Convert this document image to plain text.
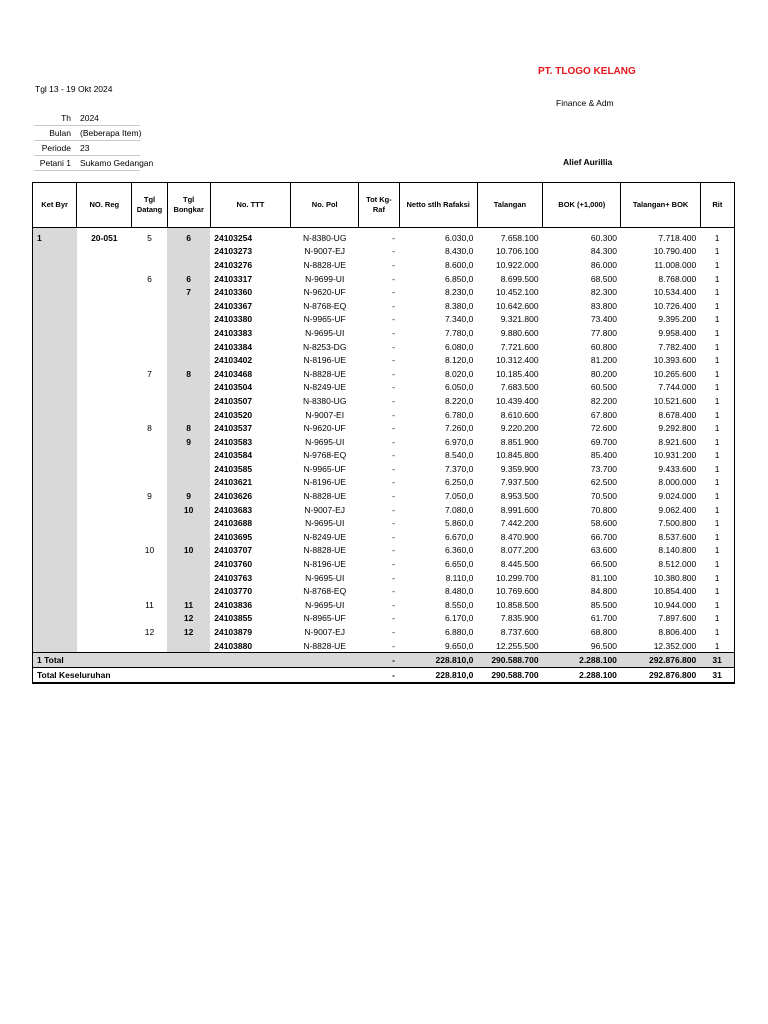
PT. TLOGO KELANG
Tgl 13 - 19 Okt 2024
Finance & Adm
Th	2024
Bulan	(Beberapa Item)
Periode	23
Petani 1	Sukamo Gedangan	Alief Aurillia
Ket Byr	NO. Reg	Tgl Datang	Tgl Bongkar	No. TTT	No. Pol	Tot Kg-Raf	Netto stlh Rafaksi	Talangan	BOK (+1,000)	Talangan+ BOK	Rit
1	20-051	5	6	24103254	N-8380-UG	-	6.030,0	7.658.100	60.300	7.718.400	1
				24103273	N-9007-EJ	-	8.430,0	10.706.100	84.300	10.790.400	1
				24103276	N-8828-UE	-	8.600,0	10.922.000	86.000	11.008.000	1
		6	6	24103317	N-9699-UI	-	6.850,0	8.699.500	68.500	8.768.000	1
			7	24103360	N-9620-UF	-	8.230,0	10.452.100	82.300	10.534.400	1
				24103367	N-8768-EQ	-	8.380,0	10.642.600	83.800	10.726.400	1
				24103380	N-9965-UF	-	7.340,0	9.321.800	73.400	9.395.200	1
				24103383	N-9695-UI	-	7.780,0	9.880.600	77.800	9.958.400	1
				24103384	N-8253-DG	-	6.080,0	7.721.600	60.800	7.782.400	1
				24103402	N-8196-UE	-	8.120,0	10.312.400	81.200	10.393.600	1
		7	8	24103468	N-8828-UE	-	8.020,0	10.185.400	80.200	10.265.600	1
				24103504	N-8249-UE	-	6.050,0	7.683.500	60.500	7.744.000	1
				24103507	N-8380-UG	-	8.220,0	10.439.400	82.200	10.521.600	1
				24103520	N-9007-EI	-	6.780,0	8.610.600	67.800	8.678.400	1
		8	8	24103537	N-9620-UF	-	7.260,0	9.220.200	72.600	9.292.800	1
			9	24103583	N-9695-UI	-	6.970,0	8.851.900	69.700	8.921.600	1
				24103584	N-9768-EQ	-	8.540,0	10.845.800	85.400	10.931.200	1
				24103585	N-9965-UF	-	7.370,0	9.359.900	73.700	9.433.600	1
				24103621	N-8196-UE	-	6.250,0	7.937.500	62.500	8.000.000	1
		9	9	24103626	N-8828-UE	-	7.050,0	8.953.500	70.500	9.024.000	1
			10	24103683	N-9007-EJ	-	7.080,0	8.991.600	70.800	9.062.400	1
				24103688	N-9695-UI	-	5.860,0	7.442.200	58.600	7.500.800	1
				24103695	N-8249-UE	-	6.670,0	8.470.900	66.700	8.537.600	1
		10	10	24103707	N-8828-UE	-	6.360,0	8.077.200	63.600	8.140.800	1
				24103760	N-8196-UE	-	6.650,0	8.445.500	66.500	8.512.000	1
				24103763	N-9695-UI	-	8.110,0	10.299.700	81.100	10.380.800	1
				24103770	N-8768-EQ	-	8.480,0	10.769.600	84.800	10.854.400	1
		11	11	24103836	N-9695-UI	-	8.550,0	10.858.500	85.500	10.944.000	1
			12	24103855	N-8965-UF	-	6.170,0	7.835.900	61.700	7.897.600	1
		12	12	24103879	N-9007-EJ	-	6.880,0	8.737.600	68.800	8.806.400	1
				24103880	N-8828-UE	-	9.650,0	12.255.500	96.500	12.352.000	1
1 Total						-	228.810,0	290.588.700	2.288.100	292.876.800	31
Total Keseluruhan						-	228.810,0	290.588.700	2.288.100	292.876.800	31
